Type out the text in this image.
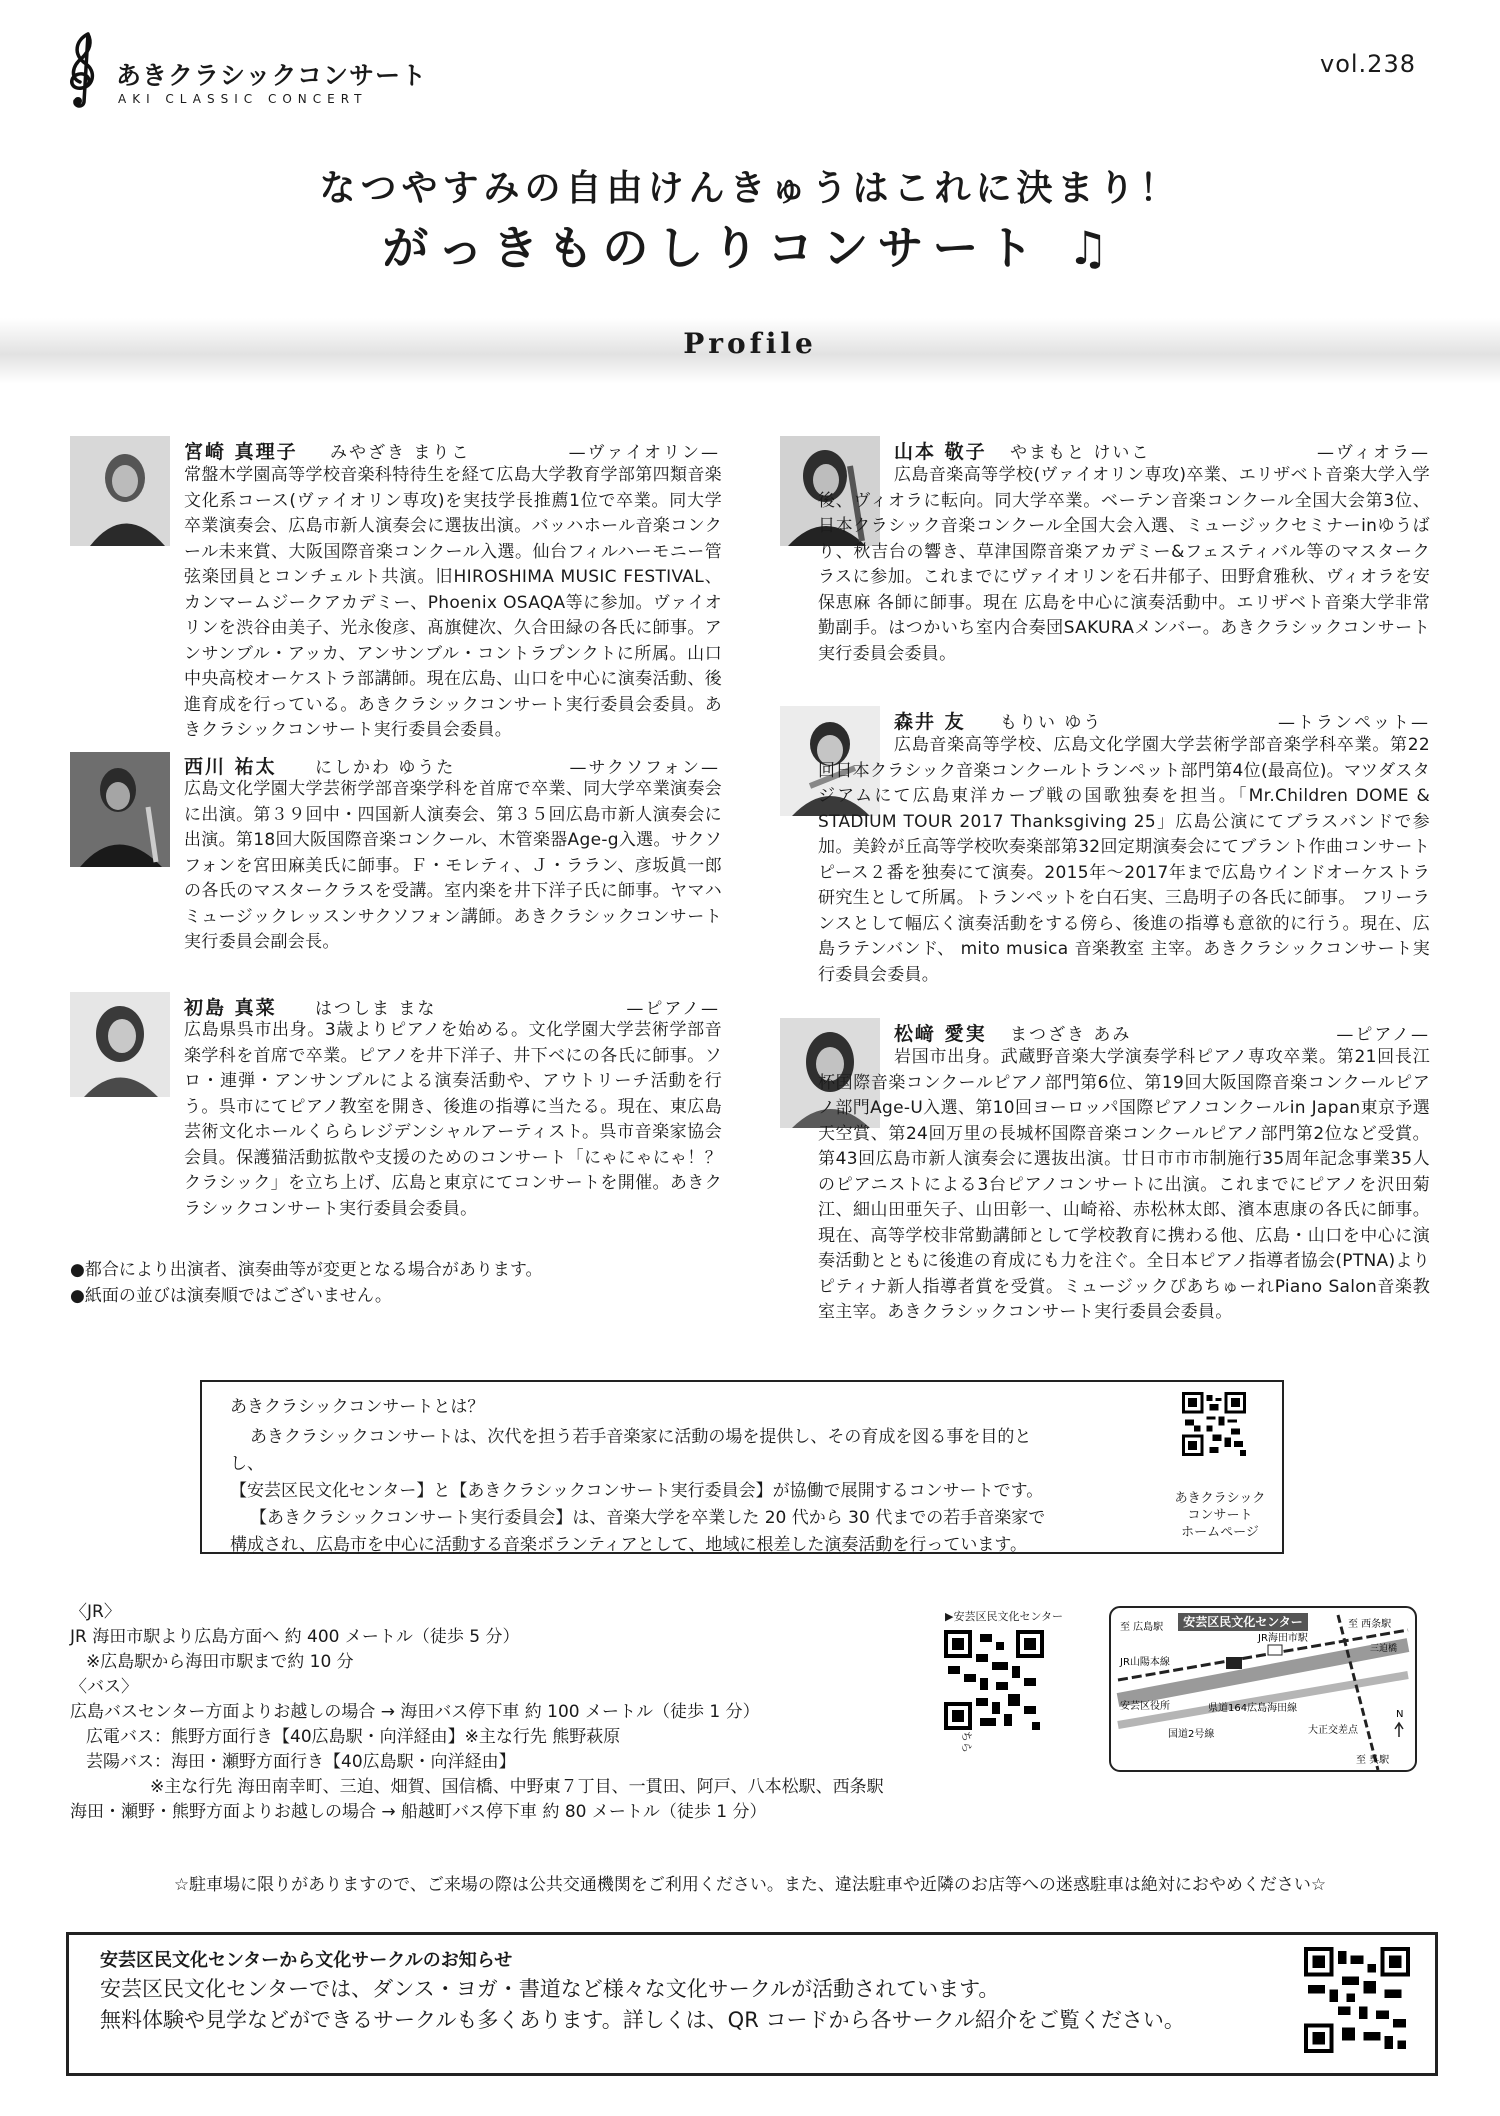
あきクラシックコンサート
AKI CLASSIC CONCERT
vol.238
なつやすみの自由けんきゅうはこれに決まり！
がっきものしりコンサート ♫
Profile
宮崎 真理子 みやざき まりこ	—ヴァイオリン—
常盤木学園高等学校音楽科特待生を経て広島大学教育学部第四類音楽文化系コース(ヴァイオリン専攻)を実技学長推薦1位で卒業。同大学卒業演奏会、広島市新人演奏会に選抜出演。バッハホール音楽コンクール未来賞、大阪国際音楽コンクール入選。仙台フィルハーモニー管弦楽団員とコンチェルト共演。旧HIROSHIMA MUSIC FESTIVAL、カンマームジークアカデミー、Phoenix OSAQA等に参加。ヴァイオリンを渋谷由美子、光永俊彦、髙旗健次、久合田緑の各氏に師事。アンサンブル・アッカ、アンサンブル・コントラプンクトに所属。山口中央高校オーケストラ部講師。現在広島、山口を中心に演奏活動、後進育成を行っている。あきクラシックコンサート実行委員会委員。あきクラシックコンサート実行委員会委員。
西川 祐太 にしかわ ゆうた	—サクソフォン—
広島文化学園大学芸術学部音楽学科を首席で卒業、同大学卒業演奏会に出演。第３９回中・四国新人演奏会、第３５回広島市新人演奏会に出演。第18回大阪国際音楽コンクール、木管楽器Age-g入選。サクソフォンを宮田麻美氏に師事。Ｆ・モレティ、Ｊ・ララン、彦坂眞一郎の各氏のマスタークラスを受講。室内楽を井下洋子氏に師事。ヤマハミュージックレッスンサクソフォン講師。あきクラシックコンサート実行委員会副会長。
初島 真菜 はつしま まな	—ピアノ—
広島県呉市出身。3歳よりピアノを始める。文化学園大学芸術学部音楽学科を首席で卒業。ピアノを井下洋子、井下ベにの各氏に師事。ソロ・連弾・アンサンブルによる演奏活動や、アウトリーチ活動を行う。呉市にてピアノ教室を開き、後進の指導に当たる。現在、東広島芸術文化ホールくららレジデンシャルアーティスト。呉市音楽家協会会員。保護猫活動拡散や支援のためのコンサート「にゃにゃにゃ！？クラシック」を立ち上げ、広島と東京にてコンサートを開催。あきクラシックコンサート実行委員会委員。
山本 敬子 やまもと けいこ	—ヴィオラ—
広島音楽高等学校(ヴァイオリン専攻)卒業、エリザベト音楽大学入学後、ヴィオラに転向。同大学卒業。ベーテン音楽コンクール全国大会第3位、日本クラシック音楽コンクール全国大会入選、ミュージックセミナーinゆうばり、秋吉台の響き、草津国際音楽アカデミー&フェスティバル等のマスタークラスに参加。これまでにヴァイオリンを石井郁子、田野倉雅秋、ヴィオラを安保恵麻 各師に師事。現在 広島を中心に演奏活動中。エリザベト音楽大学非常勤副手。はつかいち室内合奏団SAKURAメンバー。あきクラシックコンサート実行委員会委員。
森井 友 もりい ゆう	—トランペット—
広島音楽高等学校、広島文化学園大学芸術学部音楽学科卒業。第22回日本クラシック音楽コンクールトランペット部門第4位(最高位)。マツダスタジアムにて広島東洋カープ戦の国歌独奏を担当。「Mr.Children DOME & STADIUM TOUR 2017 Thanksgiving 25」広島公演にてブラスバンドで参加。美鈴が丘高等学校吹奏楽部第32回定期演奏会にてブラント作曲コンサートピース２番を独奏にて演奏。2015年～2017年まで広島ウインドオーケストラ研究生として所属。トランペットを白石実、三島明子の各氏に師事。 フリーランスとして幅広く演奏活動をする傍ら、後進の指導も意欲的に行う。現在、広島ラテンバンド、 mito musica 音楽教室 主宰。あきクラシックコンサート実行委員会委員。
松﨑 愛実 まつざき あみ	—ピアノ—
岩国市出身。武蔵野音楽大学演奏学科ピアノ専攻卒業。第21回長江杯国際音楽コンクールピアノ部門第6位、第19回大阪国際音楽コンクールピアノ部門Age-U入選、第10回ヨーロッパ国際ピアノコンクールin Japan東京予選天空賞、第24回万里の長城杯国際音楽コンクールピアノ部門第2位など受賞。第43回広島市新人演奏会に選抜出演。廿日市市市制施行35周年記念事業35人のピアニストによる3台ピアノコンサートに出演。これまでにピアノを沢田菊江、細山田亜矢子、山田彰一、山崎裕、赤松林太郎、濱本恵康の各氏に師事。現在、高等学校非常勤講師として学校教育に携わる他、広島・山口を中心に演奏活動とともに後進の育成にも力を注ぐ。全日本ピアノ指導者協会(PTNA)よりピティナ新人指導者賞を受賞。ミュージックぴあちゅーれPiano Salon音楽教室主宰。あきクラシックコンサート実行委員会委員。
●都合により出演者、演奏曲等が変更となる場合があります。
●紙面の並びは演奏順ではございません。
あきクラシックコンサートとは？
あきクラシックコンサートは、次代を担う若手音楽家に活動の場を提供し、その育成を図る事を目的とし、
【安芸区民文化センター】と【あきクラシックコンサート実行委員会】が協働で展開するコンサートです。
【あきクラシックコンサート実行委員会】は、音楽大学を卒業した 20 代から 30 代までの若手音楽家で
構成され、広島市を中心に活動する音楽ボランティアとして、地域に根差した演奏活動を行っています。
あきクラシック
コンサート
ホームページ
〈JR〉
JR 海田市駅より広島方面へ 約 400 メートル（徒歩 5 分）
※広島駅から海田市駅まで約 10 分
〈バス〉
広島バスセンター方面よりお越しの場合 → 海田バス停下車 約 100 メートル（徒歩 1 分）
広電バス：熊野方面行き【40広島駅・向洋経由】※主な行先 熊野萩原
芸陽バス：海田・瀬野方面行き【40広島駅・向洋経由】
※主な行先 海田南幸町、三迫、畑賀、国信橋、中野東７丁目、一貫田、阿戸、八本松駅、西条駅
海田・瀬野・熊野方面よりお越しの場合 → 船越町バス停下車 約 80 メートル（徒歩 1 分）
▶安芸区民文化センター	安芸区民文化センター
至 広島駅	至 西条駅
JR海田市駅
JR山陽本線
三迫橋
安芸区役所	県道164広島海田線
国道2号線	大正交差点
至 呉駅
N
☆駐車場に限りがありますので、ご来場の際は公共交通機関をご利用ください。また、違法駐車や近隣のお店等への迷惑駐車は絶対におやめください☆
安芸区民文化センターから文化サークルのお知らせ
安芸区民文化センターでは、ダンス・ヨガ・書道など様々な文化サークルが活動されています。
無料体験や見学などができるサークルも多くあります。詳しくは、QR コードから各サークル紹介をご覧ください。
